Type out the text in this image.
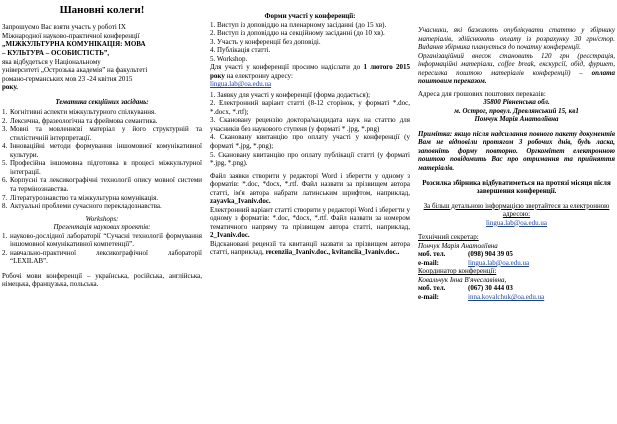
Шановні колеги!

Запрошуємо Вас взяти участь у роботі IX

Міжнародної науково-практичної конференції

„МІЖКУЛЬТУРНА КОМУНІКАЦІЯ: МОВА

– КУЛЬТУРА – ОСОБИСТІСТЬ”,

яка відбудеться у Національному

університеті „Острозька академія” на факультеті

романо-германських мов 23 -24 квітня 2015

року.

Тематика секційних засідань:

1. Когнітивні аспекти міжкультурного спілкування.
2. Лексична, фразеологічна та фреймова семантика.
3. Мовні та мовленнєві матеріал у його структурній та стилістичній інтерпретації.
4. Інноваційні методи формування іншомовної комунікативної культури.
5. Професійна іншомовна підготовка в процесі міжкультурної інтеграції.
6. Корпусні та лексикографічні технології опису мовної системи та термінознавства.
7. Літературознавство та міжкультурна комунікація.
8. Актуальні проблеми сучасного перекладознавства.

Workshops:

Презентація наукових проектів:

1. науково-дослідної лабораторії “Сучасні технології формування іншомовної комунікативної компетенції”.
2. навчально-практичної лексикографічної лабораторії “LEXILAB”.

Робочі мови конференції – українська, російська, англійська, німецька, французька, польська.

Форми участі у конференції:

1. Виступ із доповіддю на пленарному засіданні (до 15 хв).

2. Виступ із доповіддю на секційному засіданні (до 10 хв).

3. Участь у конференції без доповіді.

4. Публікація статті.

5. Workshop.

Для участі у конференції просимо надіслати до 1 лютого 2015 року на електронну адресу:

lingua.lab@oa.edu.ua

1. Заявку для участі у конференції (форма додається);

2. Електронний варіант статті (8-12 сторінок, у форматі *.doc, *.docx, *.rtf);

3. Скановану рецензію доктора/кандидата наук на статтю для учасників без наукового ступеня (у форматі * .jpg, *.png)

4. Скановану квитанцію про оплату участі у конференції (у форматі *.jpg, *.png);

5. Скановану квитанцію про оплату публікації статті (у форматі *.jpg, *.png).

Файл заявки створити у редакторі Word і зберегти у одному з форматів: *.doc, *docx, *.rtf. Файл назвати за прізвищем автора статті, ім'я автора набрати латинським шрифтом, наприклад, zayavka_Ivaniv.doc.

Електронний варіант статті створити у редакторі Word і зберегти у одному з форматів: *.doc, *docx, *.rtf. Файл назвати за номером тематичного напряму та прізвищем автора статті, наприклад, 2_Ivaniv.doc.

Відскановані рецензії та квитанції назвати за прізвищем автора статті, наприклад, recenziia_Ivaniv.doc., kvitanciia_Ivaniv.doc..

Учасники, які бажають опублікувати статтю у збірнику матеріалів, здійснюють оплату із розрахунку 30 грн/стор. Видання збірника планується до початку конференції.

Організаційний внесок становить 120 грн (реєстрація, інформаційні матеріали, coffee break, екскурсії, обід, фуршет, пересилка поштою матеріалів конференції) – оплата поштовим переказом.

Адреса для грошових поштових переказів:

35800 Рівненська обл.

м. Острог, провул. Древлянський 15, кв1

Пончук Марія Анатоліївна

Примітка: якщо після надсилання повного пакету документів Вам не відповіли протягом 3 робочих днів, будь ласка, заповніть форму повторно. Оргкомітет електронною поштою повідомить Вас про отримання та прийняття матеріалів.

Розсилка збірника відбуватиметься на протязі місяця після завершення конференції.

За більш детальною інформацією звертайтеся за електронною адресою:

lingua.lab@oa.edu.ua

Технічний секретар:

Пончук Марія Анатоліївна

моб. тел.	(098) 904 39 05
e-mail:	lingua.lab@oa.edu.ua

Координатор конференції:

Ковальчук Інна В'ячеславівна,

моб. тел.	(067) 30 444 03
e-mail:	inna.kovalchuk@oa.edu.ua
